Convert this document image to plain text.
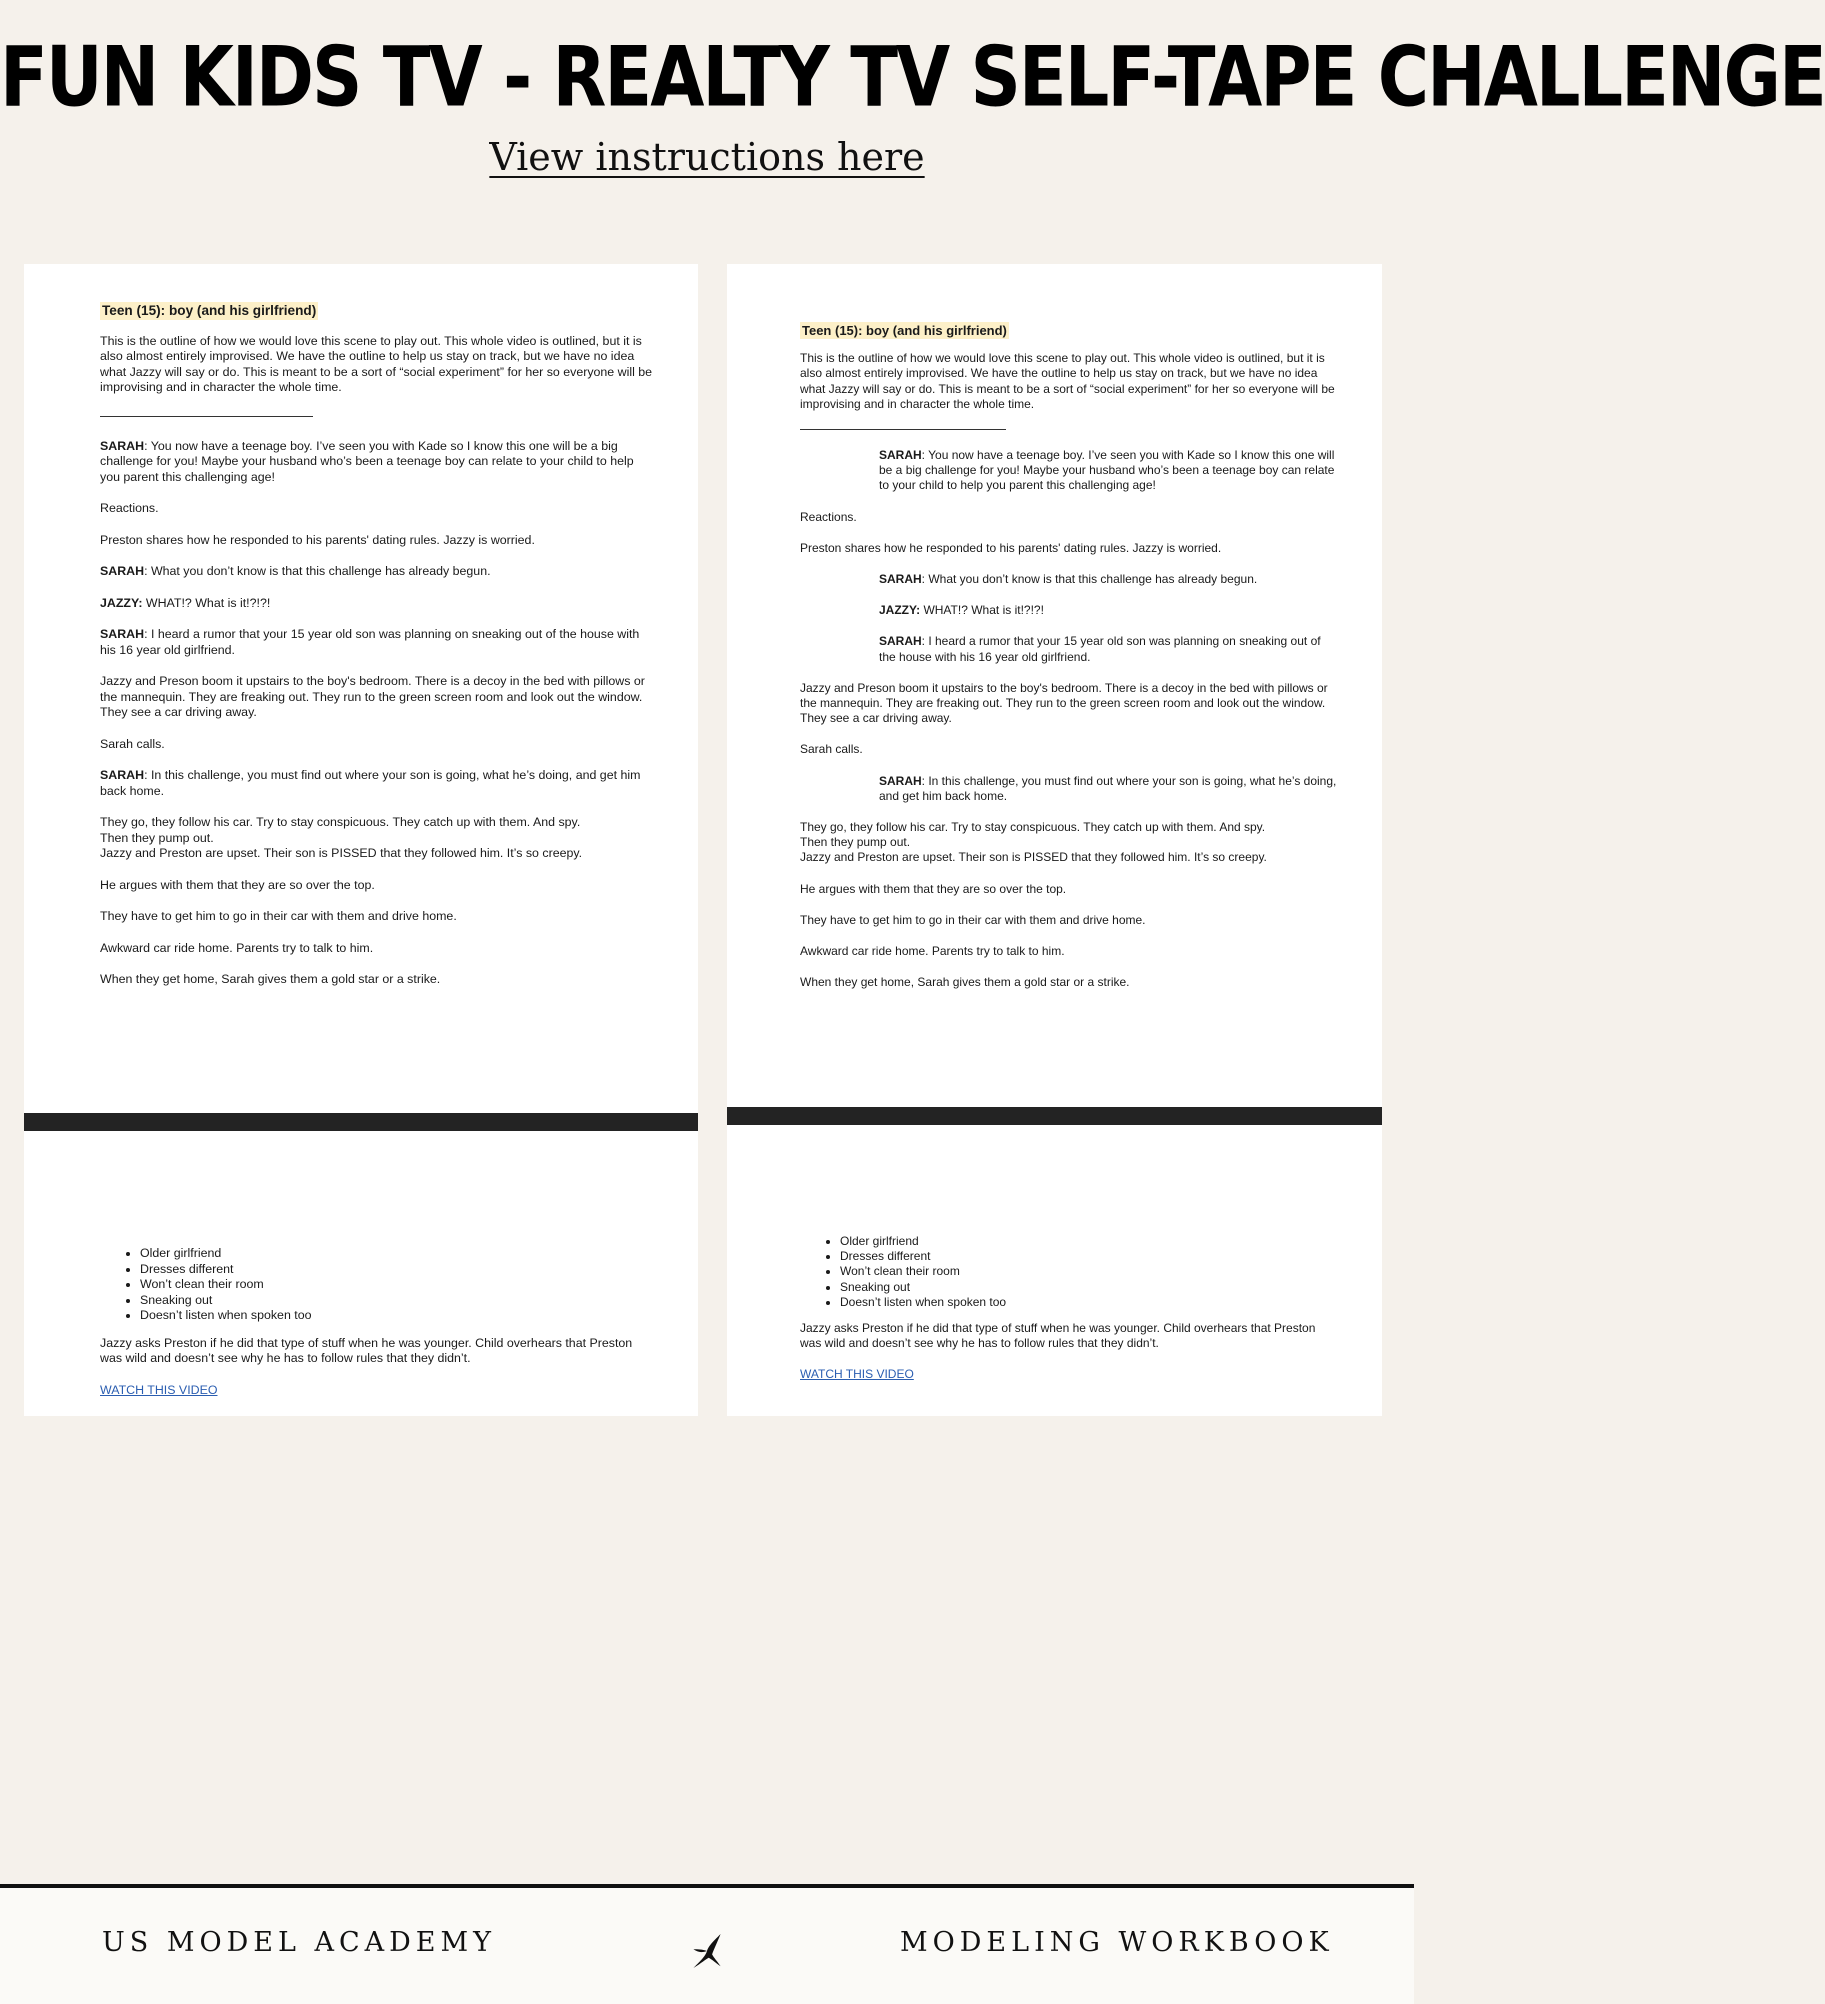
FUN KIDS TV - REALTY TV SELF-TAPE CHALLENGE
View instructions here

Teen (15): boy (and his girlfriend)

This is the outline of how we would love this scene to play out. This whole video is outlined, but it is also almost entirely improvised. We have the outline to help us stay on track, but we have no idea what Jazzy will say or do. This is meant to be a sort of “social experiment” for her so everyone will be improvising and in character the whole time.

SARAH: You now have a teenage boy. I’ve seen you with Kade so I know this one will be a big challenge for you! Maybe your husband who’s been a teenage boy can relate to your child to help you parent this challenging age!

Reactions.

Preston shares how he responded to his parents' dating rules. Jazzy is worried.

SARAH: What you don’t know is that this challenge has already begun.

JAZZY: WHAT!? What is it!?!?!

SARAH: I heard a rumor that your 15 year old son was planning on sneaking out of the house with his 16 year old girlfriend.

Jazzy and Preson boom it upstairs to the boy's bedroom. There is a decoy in the bed with pillows or the mannequin. They are freaking out. They run to the green screen room and look out the window. They see a car driving away.

Sarah calls.

SARAH: In this challenge, you must find out where your son is going, what he’s doing, and get him back home.

They go, they follow his car. Try to stay conspicuous. They catch up with them. And spy.

Then they pump out.

Jazzy and Preston are upset. Their son is PISSED that they followed him. It’s so creepy.

He argues with them that they are so over the top.

They have to get him to go in their car with them and drive home.

Awkward car ride home. Parents try to talk to him.

When they get home, Sarah gives them a gold star or a strike.

• Older girlfriend
• Dresses different
• Won’t clean their room
• Sneaking out
• Doesn’t listen when spoken too

Jazzy asks Preston if he did that type of stuff when he was younger. Child overhears that Preston was wild and doesn’t see why he has to follow rules that they didn’t.

WATCH THIS VIDEO

Teen (15): boy (and his girlfriend)

This is the outline of how we would love this scene to play out. This whole video is outlined, but it is also almost entirely improvised. We have the outline to help us stay on track, but we have no idea what Jazzy will say or do. This is meant to be a sort of “social experiment” for her so everyone will be improvising and in character the whole time.

SARAH: You now have a teenage boy. I’ve seen you with Kade so I know this one will be a big challenge for you! Maybe your husband who’s been a teenage boy can relate to your child to help you parent this challenging age!

Reactions.

Preston shares how he responded to his parents' dating rules. Jazzy is worried.

SARAH: What you don’t know is that this challenge has already begun.

JAZZY: WHAT!? What is it!?!?!

SARAH: I heard a rumor that your 15 year old son was planning on sneaking out of the house with his 16 year old girlfriend.

Jazzy and Preson boom it upstairs to the boy's bedroom. There is a decoy in the bed with pillows or the mannequin. They are freaking out. They run to the green screen room and look out the window. They see a car driving away.

Sarah calls.

SARAH: In this challenge, you must find out where your son is going, what he’s doing, and get him back home.

They go, they follow his car. Try to stay conspicuous. They catch up with them. And spy.

Then they pump out.

Jazzy and Preston are upset. Their son is PISSED that they followed him. It’s so creepy.

He argues with them that they are so over the top.

They have to get him to go in their car with them and drive home.

Awkward car ride home. Parents try to talk to him.

When they get home, Sarah gives them a gold star or a strike.

• Older girlfriend
• Dresses different
• Won’t clean their room
• Sneaking out
• Doesn’t listen when spoken too

Jazzy asks Preston if he did that type of stuff when he was younger. Child overhears that Preston was wild and doesn’t see why he has to follow rules that they didn’t.

WATCH THIS VIDEO

US MODEL ACADEMY	MODELING WORKBOOK
